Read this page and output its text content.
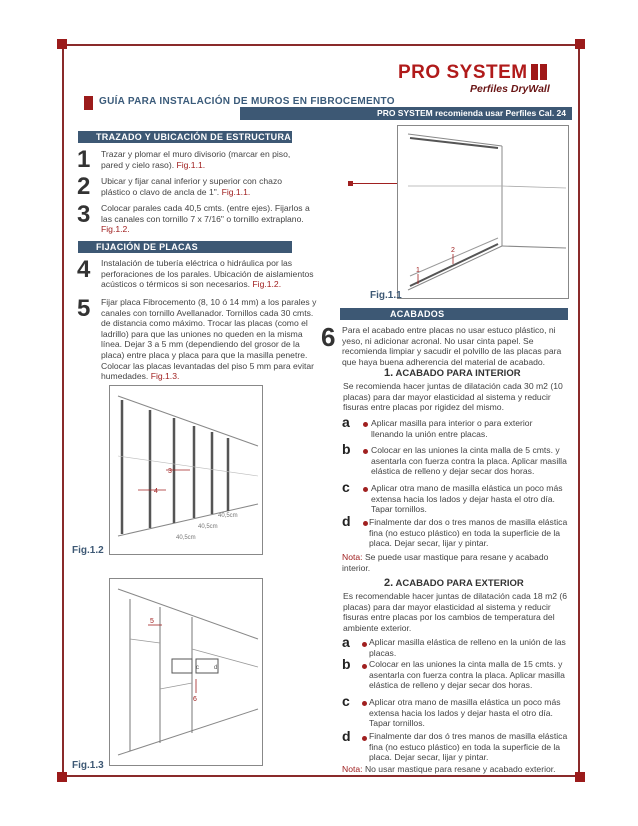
PRO SYSTEM
Perfiles DryWall
GUÍA PARA INSTALACIÓN DE MUROS EN FIBROCEMENTO
PRO SYSTEM recomienda usar Perfiles Cal. 24
TRAZADO Y UBICACIÓN DE ESTRUCTURA
1 Trazar y plomar el muro divisorio (marcar en piso, pared y cielo raso). Fig.1.1.
2 Ubicar y fijar canal inferior y superior con chazo plástico o clavo de ancla de 1". Fig.1.1.
3 Colocar parales cada 40,5 cmts. (entre ejes). Fijarlos a las canales con tornillo 7 x 7/16" o tornillo extraplano. Fig.1.2.
FIJACIÓN DE PLACAS
4 Instalación de tubería eléctrica o hidráulica por las perforaciones de los parales. Ubicación de aislamientos acústicos o térmicos si son necesarios. Fig.1.2.
5 Fijar placa Fibrocemento (8, 10 ó 14 mm) a los parales y canales con tornillo Avellanador. Tornillos cada 30 cmts. de distancia como máximo. Trocar las placas (como el ladrillo) para que las uniones no queden en la misma línea. Dejar 3 a 5 mm (dependiendo del grosor de la placa) entre placa y placa para que la masilla penetre. Colocar las placas levantadas del piso 5 mm para evitar humedades. Fig.1.3.
2
1
Fig.1.1
ACABADOS
6 Para el acabado entre placas no usar estuco plástico, ni yeso, ni adicionar acronal. No usar cinta papel. Se recomienda limpiar y sacudir el polvillo de las placas para que haya buena adherencia del material de acabado.
1. ACABADO PARA INTERIOR
Se recomienda hacer juntas de dilatación cada 30 m2 (10 placas) para dar mayor elasticidad al sistema y reducir fisuras entre placas por rigidez del mismo.
a Aplicar masilla para interior o para exterior llenando la unión entre placas.
b Colocar en las uniones la cinta malla de 5 cmts. y asentarla con fuerza contra la placa. Aplicar masilla elástica de relleno y dejar secar dos horas.
c Aplicar otra mano de masilla elástica un poco más extensa hacia los lados y dejar hasta el otro día. Tapar tornillos.
d Finalmente dar dos o tres manos de masilla elástica fina (no estuco plástico) en toda la superficie de la placa. Dejar secar, lijar y pintar.
Nota: Se puede usar mastique para resane y acabado interior.
2. ACABADO PARA EXTERIOR
Es recomendable hacer juntas de dilatación cada 18 m2 (6 placas) para dar mayor elasticidad al sistema y reducir fisuras entre placas por los cambios de temperatura del ambiente exterior.
a Aplicar masilla elástica de relleno en la unión de las placas.
b Colocar en las uniones la cinta malla de 15 cmts. y asentarla con fuerza contra la placa. Aplicar masilla elástica de relleno y dejar secar dos horas.
c Aplicar otra mano de masilla elástica un poco más extensa hacia los lados y dejar hasta el otro día. Tapar tornillos.
d Finalmente dar dos ó tres manos de masilla elástica fina (no estuco plástico) en toda la superficie de la placa. Dejar secar, lijar y pintar.
Nota: No usar mastique para resane y acabado exterior.
3
4
40,5cm
40,5cm
40,5cm
Fig.1.2
5
6
c	d
Fig.1.3
